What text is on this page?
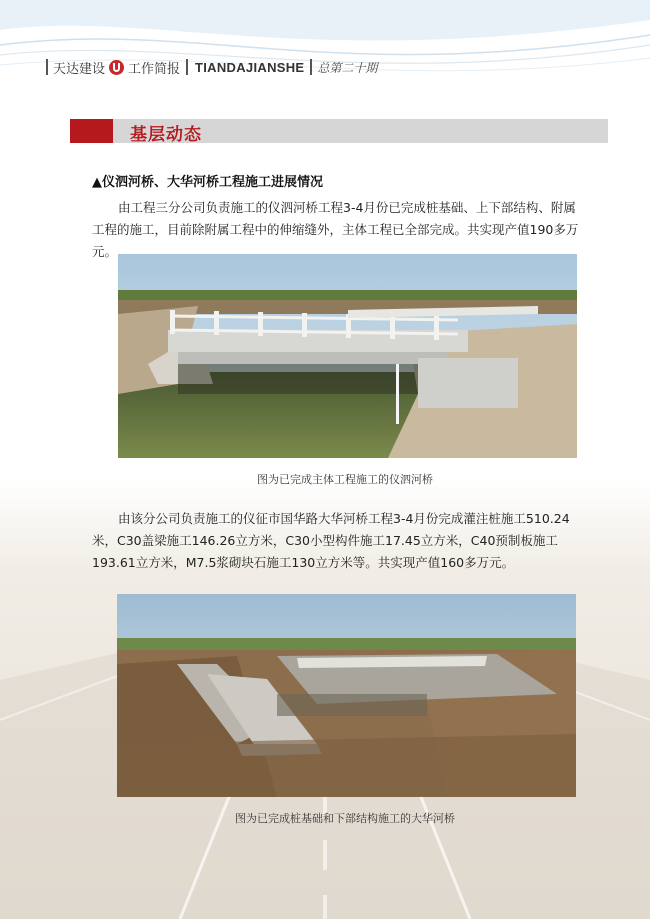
天达建设 工作简报 TIANDAJIANSHE 总第二十期
基层动态
▲仪泗河桥、大华河桥工程施工进展情况

由工程三分公司负责施工的仪泗河桥工程3-4月份已完成桩基础、上下部结构、附属工程的施工，目前除附属工程中的伸缩缝外，主体工程已全部完成。共实现产值190多万元。

图为已完成主体工程施工的仪泗河桥

由该分公司负责施工的仪征市国华路大华河桥工程3-4月份完成灌注桩施工510.24米，C30盖梁施工146.26立方米，C30小型构件施工17.45立方米，C40预制板施工193.61立方米，M7.5浆砌块石施工130立方米等。共实现产值160多万元。

图为已完成桩基础和下部结构施工的大华河桥
